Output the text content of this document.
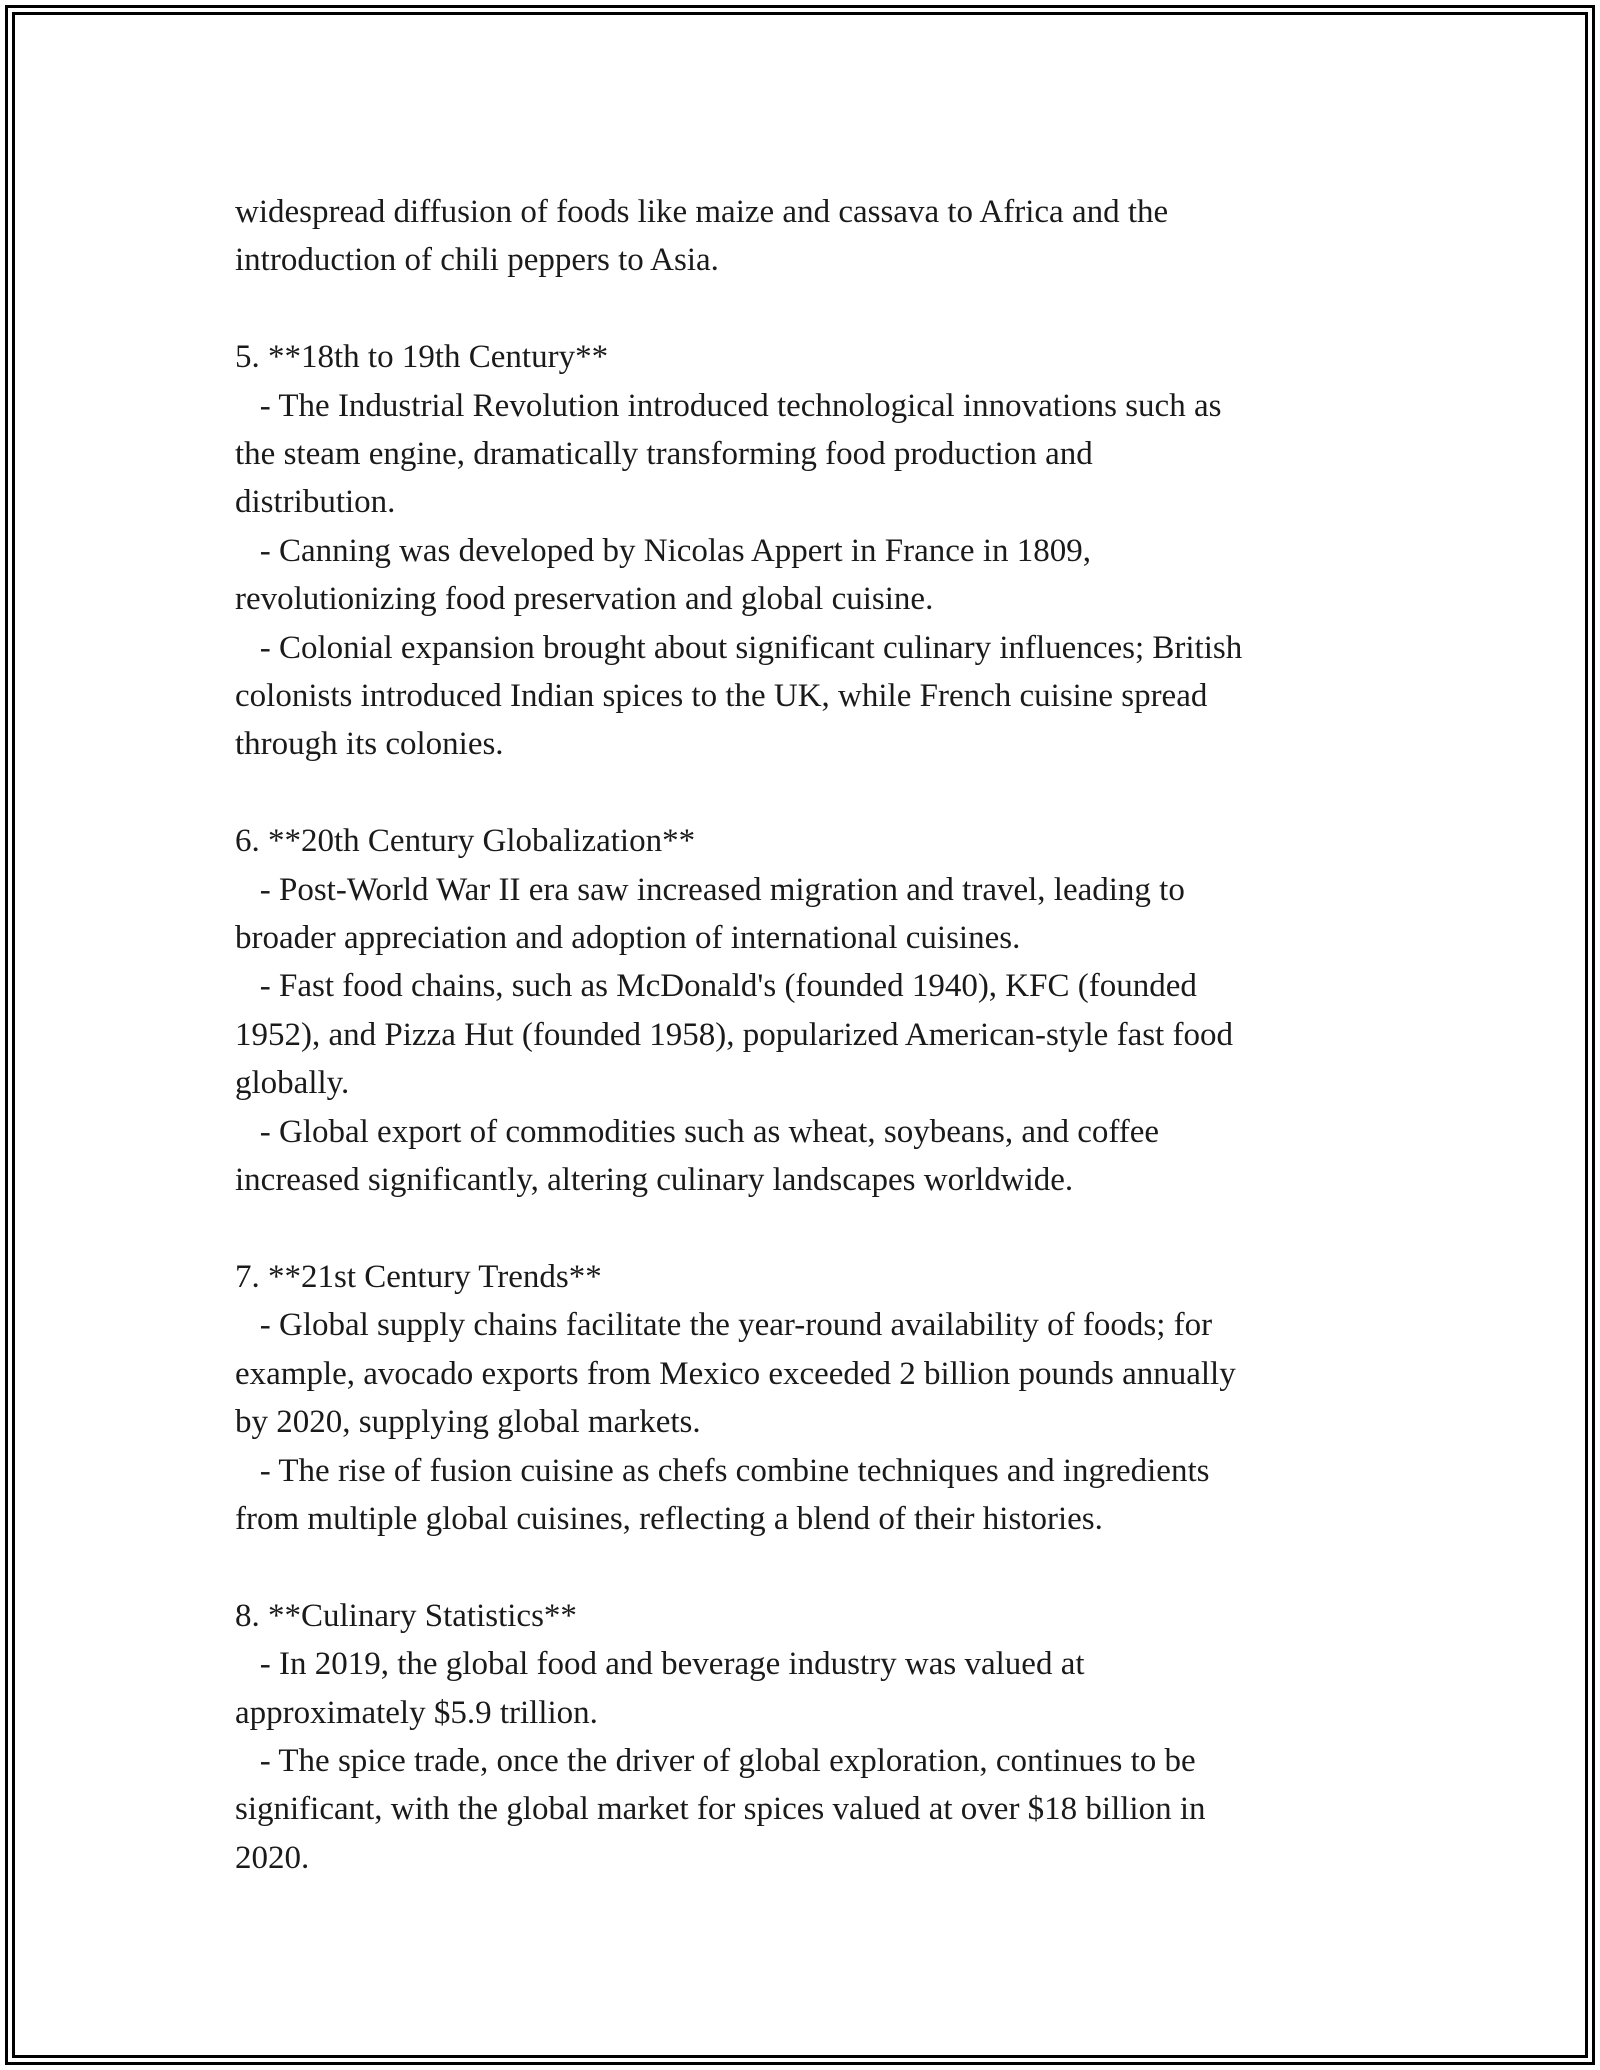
widespread diffusion of foods like maize and cassava to Africa and the
introduction of chili peppers to Asia.
5. **18th to 19th Century**
- The Industrial Revolution introduced technological innovations such as
the steam engine, dramatically transforming food production and
distribution.
- Canning was developed by Nicolas Appert in France in 1809,
revolutionizing food preservation and global cuisine.
- Colonial expansion brought about significant culinary influences; British
colonists introduced Indian spices to the UK, while French cuisine spread
through its colonies.
6. **20th Century Globalization**
- Post-World War II era saw increased migration and travel, leading to
broader appreciation and adoption of international cuisines.
- Fast food chains, such as McDonald's (founded 1940), KFC (founded
1952), and Pizza Hut (founded 1958), popularized American-style fast food
globally.
- Global export of commodities such as wheat, soybeans, and coffee
increased significantly, altering culinary landscapes worldwide.
7. **21st Century Trends**
- Global supply chains facilitate the year-round availability of foods; for
example, avocado exports from Mexico exceeded 2 billion pounds annually
by 2020, supplying global markets.
- The rise of fusion cuisine as chefs combine techniques and ingredients
from multiple global cuisines, reflecting a blend of their histories.
8. **Culinary Statistics**
- In 2019, the global food and beverage industry was valued at
approximately $5.9 trillion.
- The spice trade, once the driver of global exploration, continues to be
significant, with the global market for spices valued at over $18 billion in
2020.
